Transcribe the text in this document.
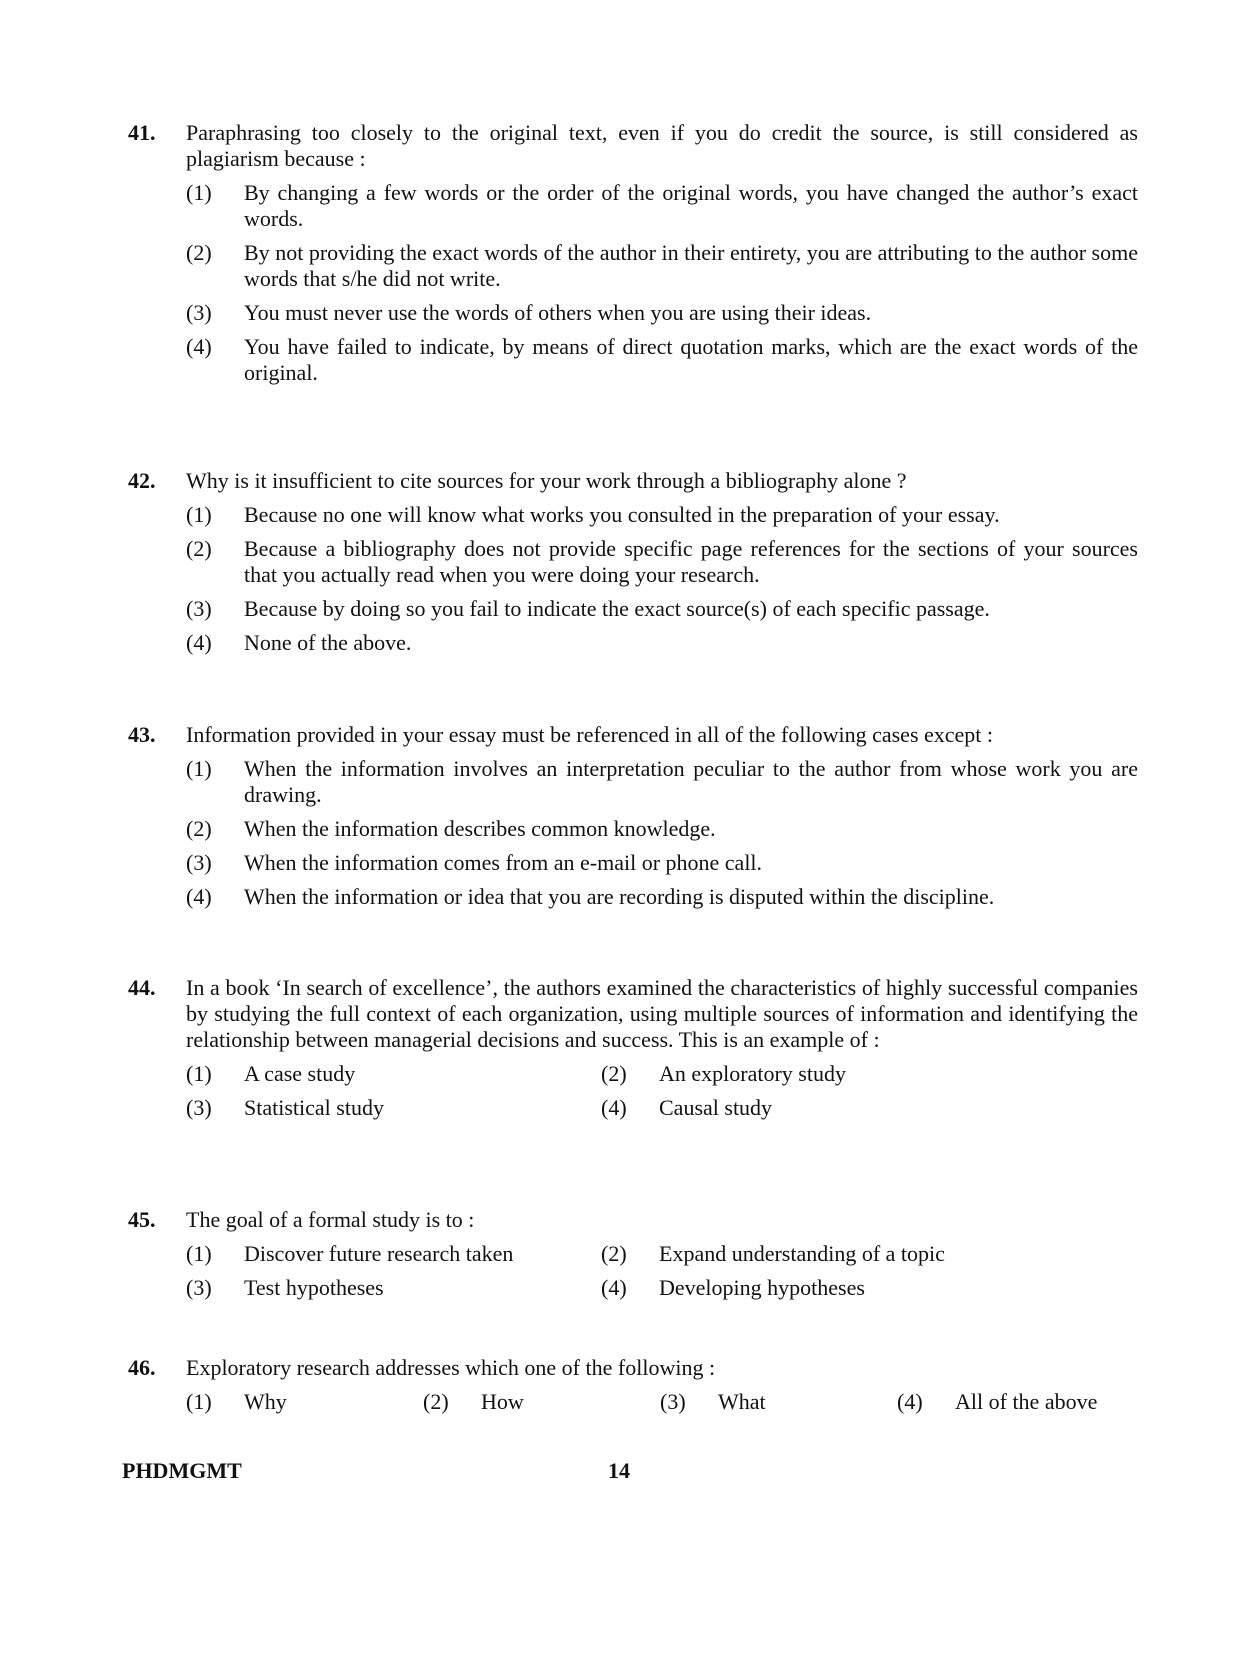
41.	Paraphrasing too closely to the original text, even if you do credit the source, is still considered as plagiarism because :
(1)	By changing a few words or the order of the original words, you have changed the author’s exact words.
(2)	By not providing the exact words of the author in their entirety, you are attributing to the author some words that s/he did not write.
(3)	You must never use the words of others when you are using their ideas.
(4)	You have failed to indicate, by means of direct quotation marks, which are the exact words of the original.
42.	Why is it insufficient to cite sources for your work through a bibliography alone ?
(1)	Because no one will know what works you consulted in the preparation of your essay.
(2)	Because a bibliography does not provide specific page references for the sections of your sources that you actually read when you were doing your research.
(3)	Because by doing so you fail to indicate the exact source(s) of each specific passage.
(4)	None of the above.
43.	Information provided in your essay must be referenced in all of the following cases except :
(1)	When the information involves an interpretation peculiar to the author from whose work you are drawing.
(2)	When the information describes common knowledge.
(3)	When the information comes from an e-mail or phone call.
(4)	When the information or idea that you are recording is disputed within the discipline.
44.	In a book ‘In search of excellence’, the authors examined the characteristics of highly successful companies by studying the full context of each organization, using multiple sources of information and identifying the relationship between managerial decisions and success. This is an example of :
(1)	A case study	(2)	An exploratory study
(3)	Statistical study	(4)	Causal study
45.	The goal of a formal study is to :
(1)	Discover future research taken	(2)	Expand understanding of a topic
(3)	Test hypotheses	(4)	Developing hypotheses
46.	Exploratory research addresses which one of the following :
(1)	Why	(2)	How	(3)	What	(4)	All of the above
PHDMGMT	14
